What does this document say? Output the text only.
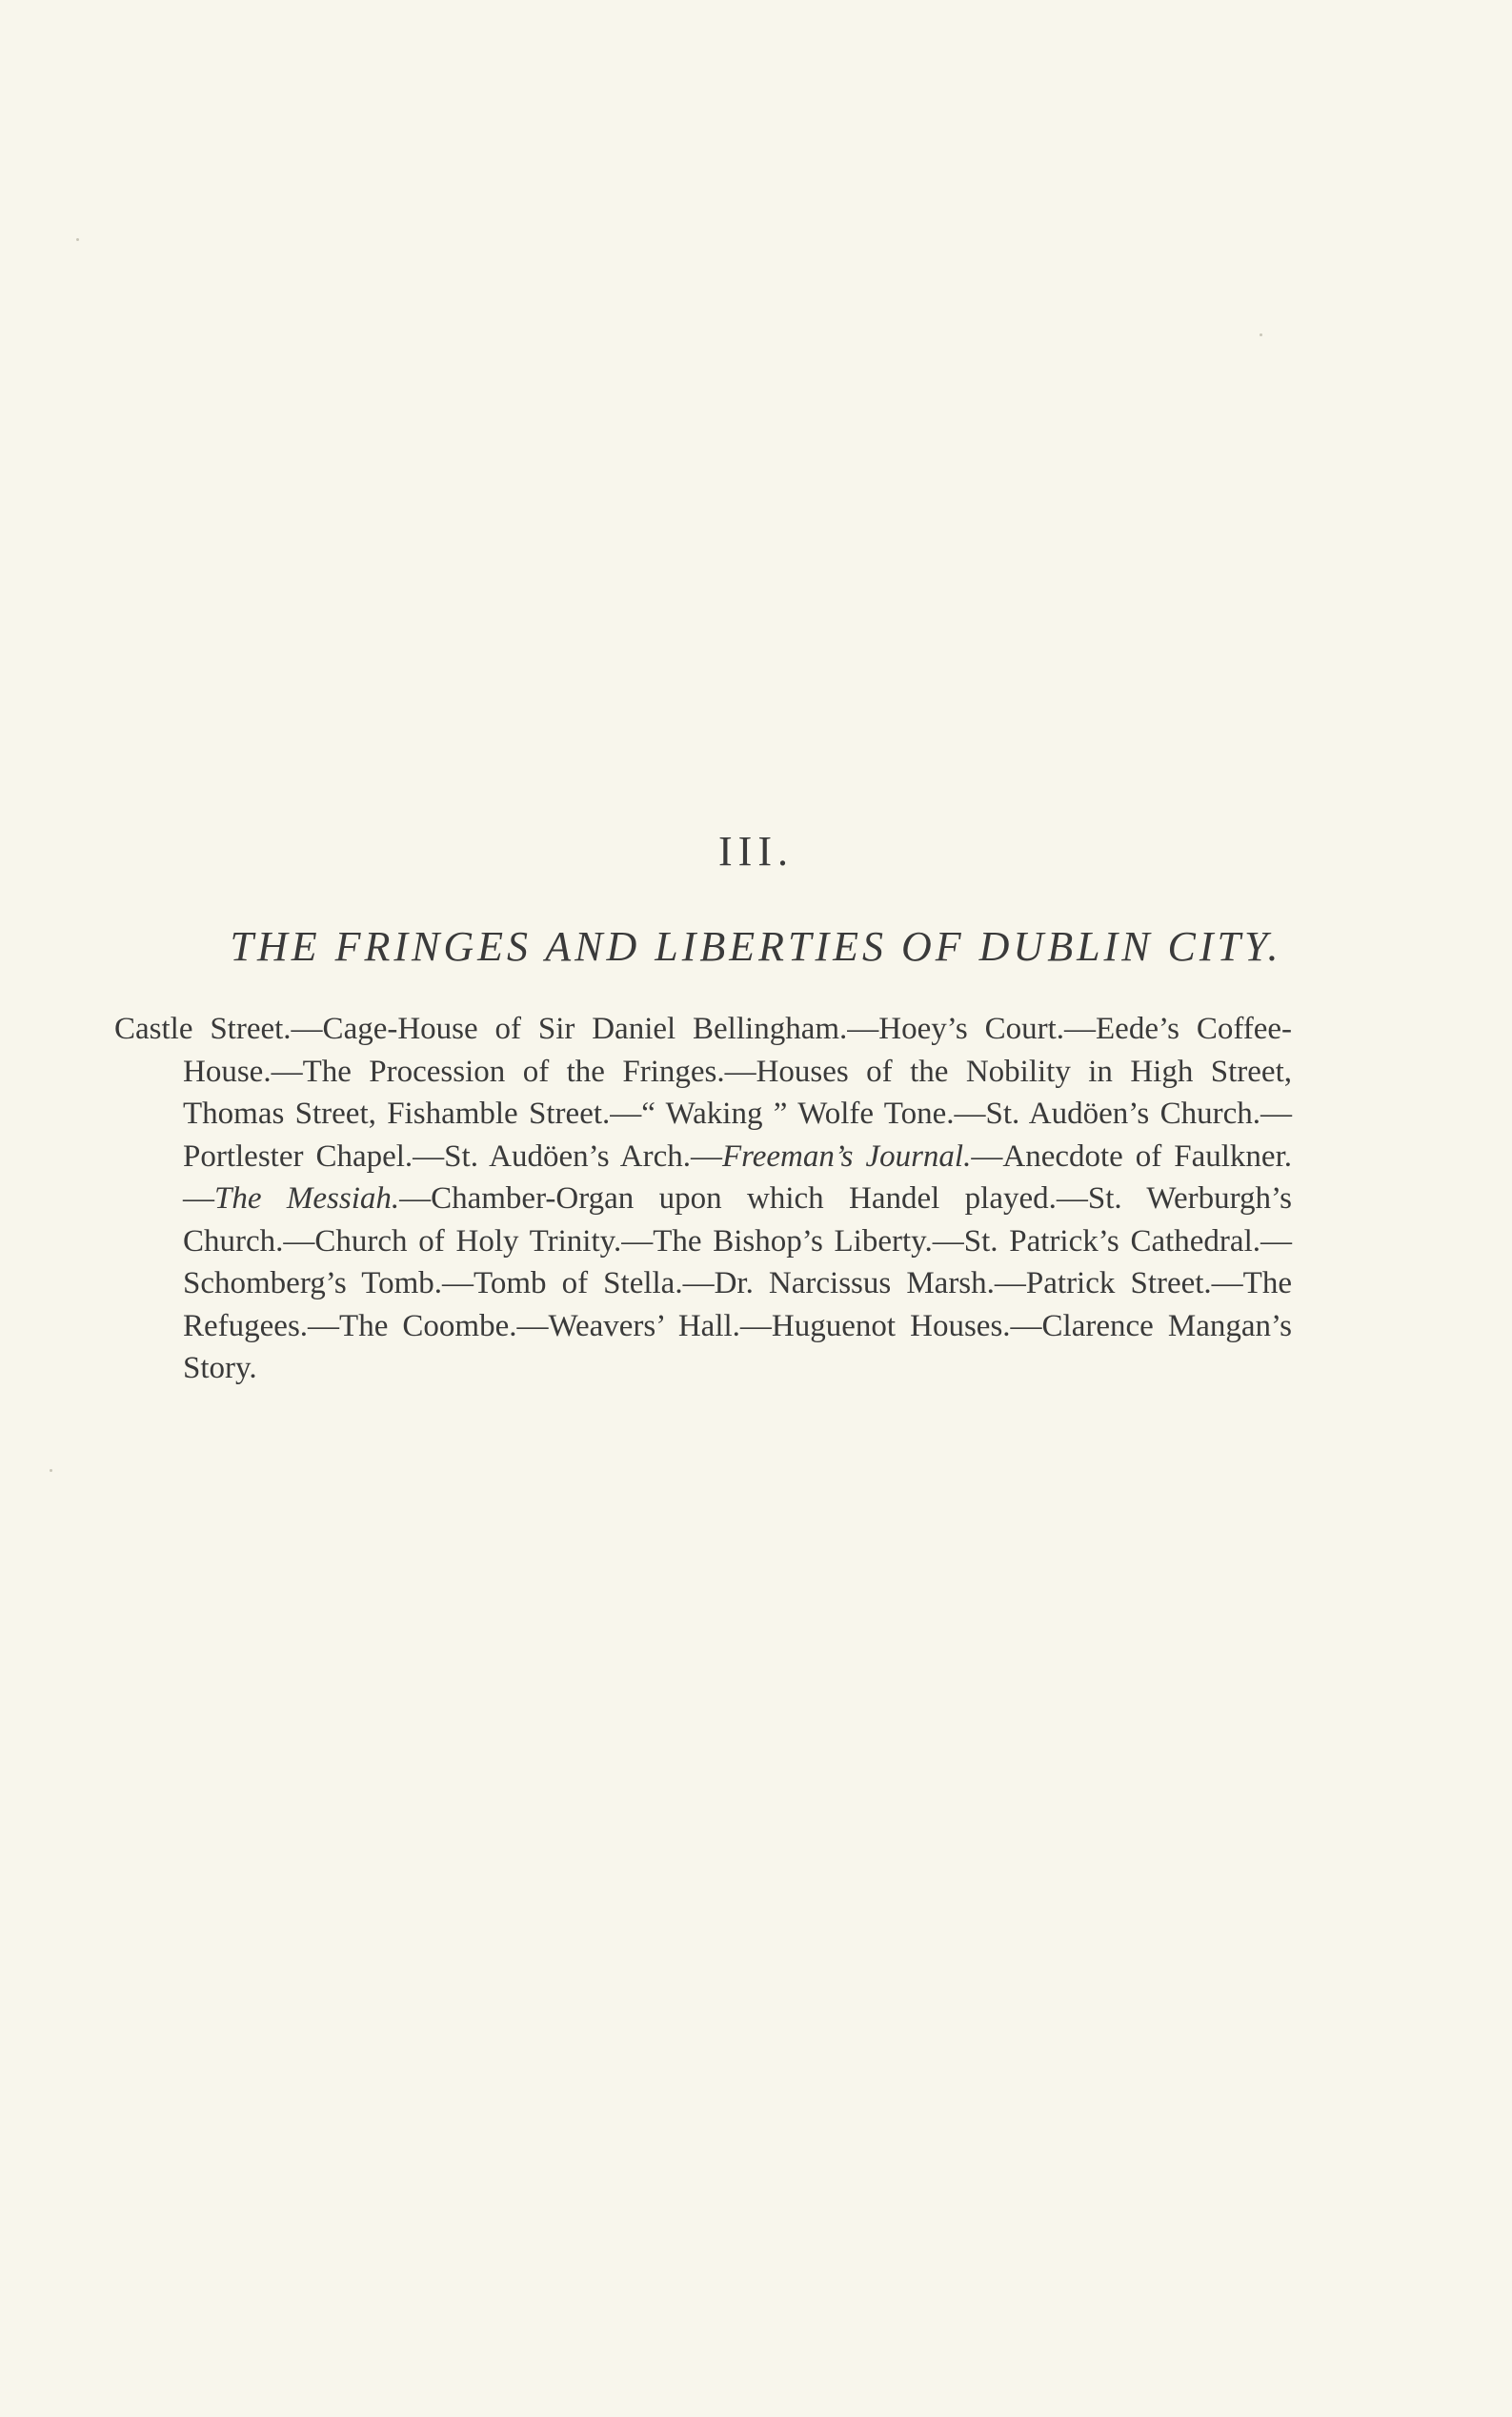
III.
THE FRINGES AND LIBERTIES OF DUBLIN CITY.
Castle Street.—Cage-House of Sir Daniel Bellingham.—Hoey’s Court.—Eede’s Coffee-House.—The Procession of the Fringes.—Houses of the Nobility in High Street, Thomas Street, Fishamble Street.—“ Waking ” Wolfe Tone.—St. Audöen’s Church.—Portlester Chapel.—St. Audöen’s Arch.—Freeman’s Journal.—Anecdote of Faulkner.—The Messiah.—Chamber-Organ upon which Handel played.—St. Werburgh’s Church.—Church of Holy Trinity.—The Bishop’s Liberty.—St. Patrick’s Cathedral.—Schomberg’s Tomb.—Tomb of Stella.—Dr. Narcissus Marsh.—Patrick Street.—The Refugees.—The Coombe.—Weavers’ Hall.—Huguenot Houses.—Clarence Mangan’s Story.
